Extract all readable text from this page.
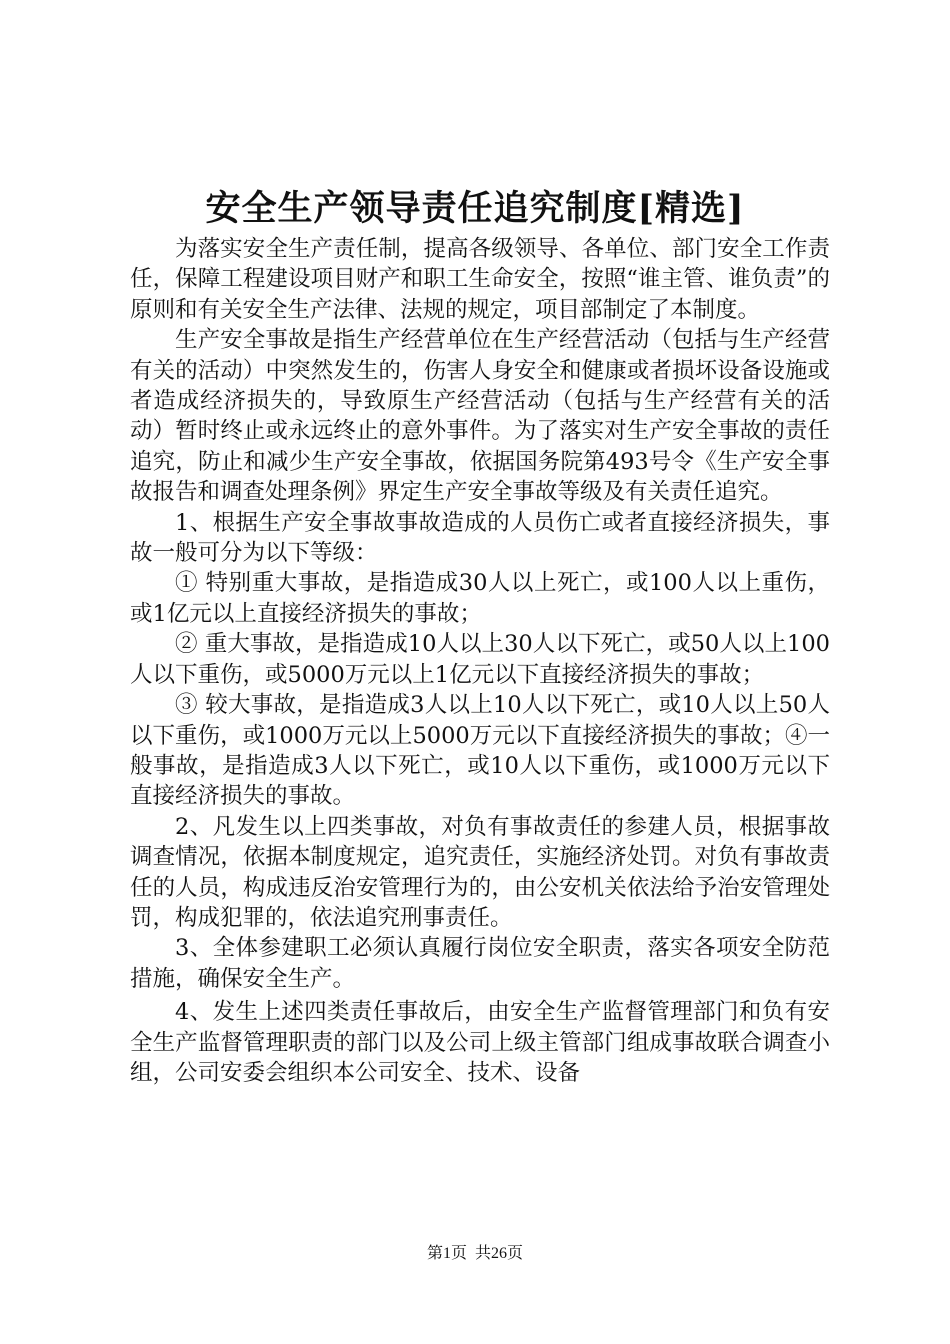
安全生产领导责任追究制度[精选]

为落实安全生产责任制，提高各级领导、各单位、部门安全工作责任，保障工程建设项目财产和职工生命安全，按照“谁主管、谁负责”的原则和有关安全生产法律、法规的规定，项目部制定了本制度。

生产安全事故是指生产经营单位在生产经营活动（包括与生产经营有关的活动）中突然发生的，伤害人身安全和健康或者损坏设备设施或者造成经济损失的，导致原生产经营活动（包括与生产经营有关的活动）暂时终止或永远终止的意外事件。为了落实对生产安全事故的责任追究，防止和减少生产安全事故，依据国务院第493号令《生产安全事故报告和调查处理条例》界定生产安全事故等级及有关责任追究。

1、根据生产安全事故事故造成的人员伤亡或者直接经济损失，事故一般可分为以下等级：

① 特别重大事故，是指造成30人以上死亡，或100人以上重伤，或1亿元以上直接经济损失的事故；

② 重大事故，是指造成10人以上30人以下死亡，或50人以上100人以下重伤，或5000万元以上1亿元以下直接经济损失的事故；

③ 较大事故，是指造成3人以上10人以下死亡，或10人以上50人以下重伤，或1000万元以上5000万元以下直接经济损失的事故；④一般事故，是指造成3人以下死亡，或10人以下重伤，或1000万元以下直接经济损失的事故。

2、凡发生以上四类事故，对负有事故责任的参建人员，根据事故调查情况，依据本制度规定，追究责任，实施经济处罚。对负有事故责任的人员，构成违反治安管理行为的，由公安机关依法给予治安管理处罚，构成犯罪的，依法追究刑事责任。

3、全体参建职工必须认真履行岗位安全职责，落实各项安全防范措施，确保安全生产。

4、发生上述四类责任事故后，由安全生产监督管理部门和负有安全生产监督管理职责的部门以及公司上级主管部门组成事故联合调查小组，公司安委会组织本公司安全、技术、设备

第1页 共26页
